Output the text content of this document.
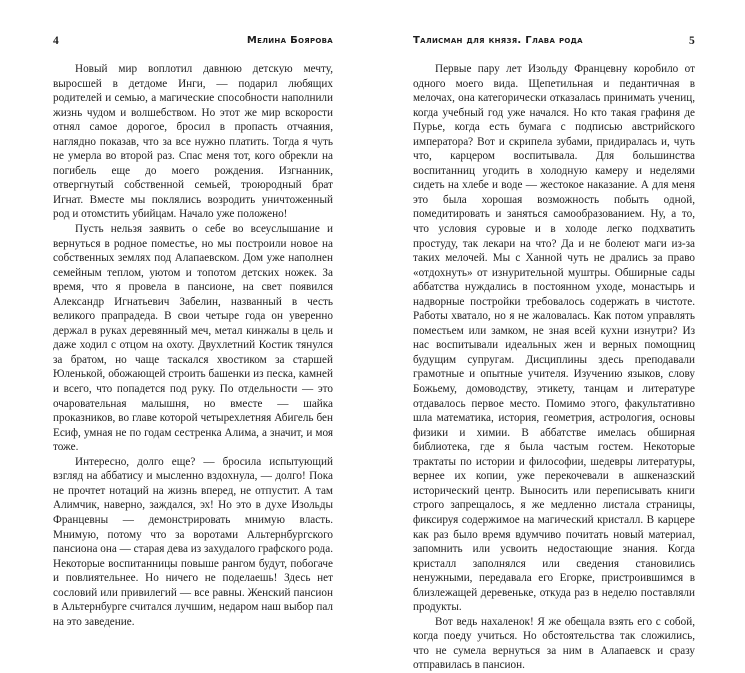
4	Мелина Боярова

Новый мир воплотил давнюю детскую мечту, выросшей в детдоме Инги, — подарил любящих родителей и семью, а магические способности наполнили жизнь чудом и волшебством. Но этот же мир вскорости отнял самое дорогое, бросил в пропасть отчаяния, наглядно показав, что за все нужно платить. Тогда я чуть не умерла во второй раз. Спас меня тот, кого обрекли на погибель еще до моего рождения. Изгнанник, отвергнутый собственной семьей, троюродный брат Игнат. Вместе мы поклялись возродить уничтоженный род и отомстить убийцам. Начало уже положено!

Пусть нельзя заявить о себе во всеуслышание и вернуться в родное поместье, но мы построили новое на собственных землях под Алапаевском. Дом уже наполнен семейным теплом, уютом и топотом детских ножек. За время, что я провела в пансионе, на свет появился Александр Игнатьевич Забелин, названный в честь великого прапрадеда. В свои четыре года он уверенно держал в руках деревянный меч, метал кинжалы в цель и даже ходил с отцом на охоту. Двухлетний Костик тянулся за братом, но чаще таскался хвостиком за старшей Юленькой, обожающей строить башенки из песка, камней и всего, что попадется под руку. По отдельности — это очаровательная малышня, но вместе — шайка проказников, во главе которой четырехлетняя Абигель бен Есиф, умная не по годам сестренка Алима, а значит, и моя тоже.

Интересно, долго еще? — бросила испытующий взгляд на аббатису и мысленно вздохнула, — долго! Пока не прочтет нотаций на жизнь вперед, не отпустит. А там Алимчик, наверно, заждался, эх! Но это в духе Изольды Францевны — демонстрировать мнимую власть. Мнимую, потому что за воротами Альтернбургского пансиона она — старая дева из захудалого графского рода. Некоторые воспитанницы повыше рангом будут, побогаче и повлиятельнее. Но ничего не поделаешь! Здесь нет сословий или привилегий — все равны. Женский пансион в Альтернбурге считался лучшим, недаром наш выбор пал на это заведение.

Талисман для князя. Глава рода	5

Первые пару лет Изольду Францевну коробило от одного моего вида. Щепетильная и педантичная в мелочах, она категорически отказалась принимать учениц, когда учебный год уже начался. Но кто такая графиня де Пурье, когда есть бумага с подписью австрийского императора? Вот и скрипела зубами, придиралась и, чуть что, карцером воспитывала. Для большинства воспитанниц угодить в холодную камеру и неделями сидеть на хлебе и воде — жестокое наказание. А для меня это была хорошая возможность побыть одной, помедитировать и заняться самообразованием. Ну, а то, что условия суровые и в холоде легко подхватить простуду, так лекари на что? Да и не болеют маги из-за таких мелочей. Мы с Ханной чуть не дрались за право «отдохнуть» от изнурительной муштры. Обширные сады аббатства нуждались в постоянном уходе, монастырь и надворные постройки требовалось содержать в чистоте. Работы хватало, но я не жаловалась. Как потом управлять поместьем или замком, не зная всей кухни изнутри? Из нас воспитывали идеальных жен и верных помощниц будущим супругам. Дисциплины здесь преподавали грамотные и опытные учителя. Изучению языков, слову Божьему, домоводству, этикету, танцам и литературе отдавалось первое место. Помимо этого, факультативно шла математика, история, геометрия, астрология, основы физики и химии. В аббатстве имелась обширная библиотека, где я была частым гостем. Некоторые трактаты по истории и философии, шедевры литературы, вернее их копии, уже перекочевали в ашкеназский исторический центр. Выносить или переписывать книги строго запрещалось, я же медленно листала страницы, фиксируя содержимое на магический кристалл. В карцере как раз было время вдумчиво почитать новый материал, запомнить или усвоить недостающие знания. Когда кристалл заполнялся или сведения становились ненужными, передавала его Егорке, пристроившимся в близлежащей деревеньке, откуда раз в неделю поставляли продукты.

Вот ведь нахаленок! Я же обещала взять его с собой, когда поеду учиться. Но обстоятельства так сложились, что не сумела вернуться за ним в Алапаевск и сразу отправилась в пансион.
